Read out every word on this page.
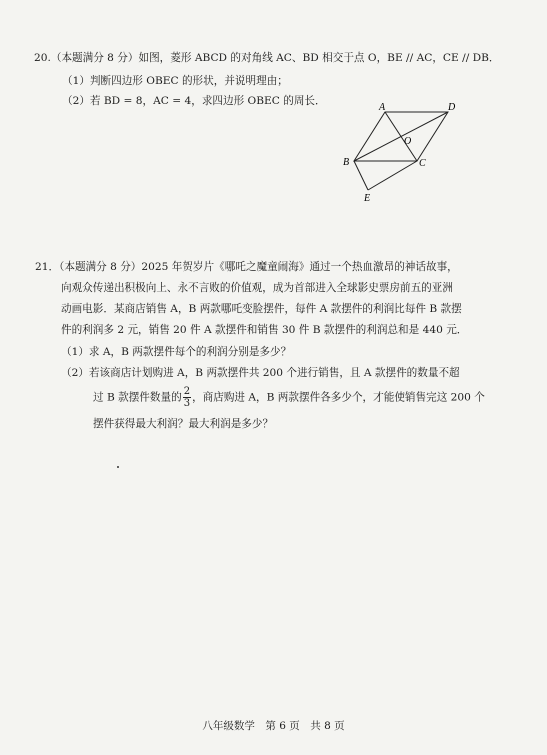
20.（本题满分 8 分）如图，菱形 ABCD 的对角线 AC、BD 相交于点 O，BE // AC，CE // DB．
（1）判断四边形 OBEC 的形状，并说明理由；
（2）若 BD = 8，AC = 4，求四边形 OBEC 的周长．
A	D
O
B	C
E
21．（本题满分 8 分）2025 年贺岁片《哪吒之魔童闹海》通过一个热血激昂的神话故事，
向观众传递出积极向上、永不言败的价值观，成为首部进入全球影史票房前五的亚洲
动画电影．某商店销售 A，B 两款哪吒变脸摆件，每件 A 款摆件的利润比每件 B 款摆
件的利润多 2 元，销售 20 件 A 款摆件和销售 30 件 B 款摆件的利润总和是 440 元．
（1）求 A，B 两款摆件每个的利润分别是多少？
（2）若该商店计划购进 A，B 两款摆件共 200 个进行销售，且 A 款摆件的数量不超
过 B 款摆件数量的 $\frac{2}{3}$ ，商店购进 A，B 两款摆件各多少个，才能使销售完这 200 个
摆件获得最大利润？最大利润是多少？
八年级数学　第 6 页　共 8 页
